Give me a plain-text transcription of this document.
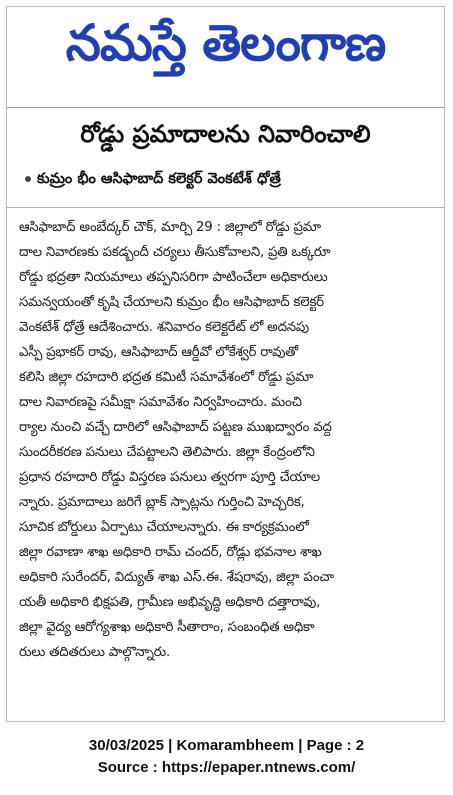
నమస్తే తెలంగాణ
రోడ్డు ప్రమాదాలను నివారించాలి
కుమ్రం భీం ఆసిఫాబాద్ కలెక్టర్ వెంకటేశ్ ధోత్రే
ఆసిఫాబాద్ అంబేద్కర్ చౌక్, మార్చి 29 : జిల్లాలో రోడ్డు ప్రమా
దాల నివారణకు పకడ్బందీ చర్యలు తీసుకోవాలని, ప్రతి ఒక్కరూ
రోడ్డు భద్రతా నియమాలు తప్పనిసరిగా పాటించేలా అధికారులు
సమన్వయంతో కృషి చేయాలని కుమ్రం భీం ఆసిఫాబాద్ కలెక్టర్
వెంకటేశ్ ధోత్రే ఆదేశించారు. శనివారం కలెక్టరేట్ లో అదనపు
ఎస్పీ ప్రభాకర్ రావు, ఆసిఫాబాద్ ఆర్డీవో లోకేశ్వర్ రావుతో
కలిసి జిల్లా రహదారి భద్రత కమిటీ సమావేశంలో రోడ్డు ప్రమా
దాల నివారణపై సమీక్షా సమావేశం నిర్వహించారు. మంచి
ర్యాల నుంచి వచ్చే దారిలో ఆసిఫాబాద్ పట్టణ ముఖద్వారం వద్ద
సుందరీకరణ పనులు చేపట్టాలని తెలిపారు. జిల్లా కేంద్రంలోని
ప్రధాన రహదారి రోడ్డు విస్తరణ పనులు త్వరగా పూర్తి చేయాల
న్నారు. ప్రమాదాలు జరిగే బ్లాక్ స్పాట్లను గుర్తించి హెచ్చరిక,
సూచిక బోర్డులు ఏర్పాటు చేయాలన్నారు. ఈ కార్యక్రమంలో
జిల్లా రవాణా శాఖ అధికారి రామ్ చందర్, రోడ్లు భవనాల శాఖ
అధికారి సురేందర్, విద్యుత్ శాఖ ఎస్.ఈ. శేషరావు, జిల్లా పంచా
యతీ అధికారి భిక్షపతి, గ్రామీణ అభివృద్ధి అధికారి దత్తారావు,
జిల్లా వైద్య ఆరోగ్యశాఖ అధికారి సీతారాం, సంబంధిత అధికా
రులు తదితరులు పాల్గొన్నారు.
30/03/2025 | Komarambheem | Page : 2
Source : https://epaper.ntnews.com/
